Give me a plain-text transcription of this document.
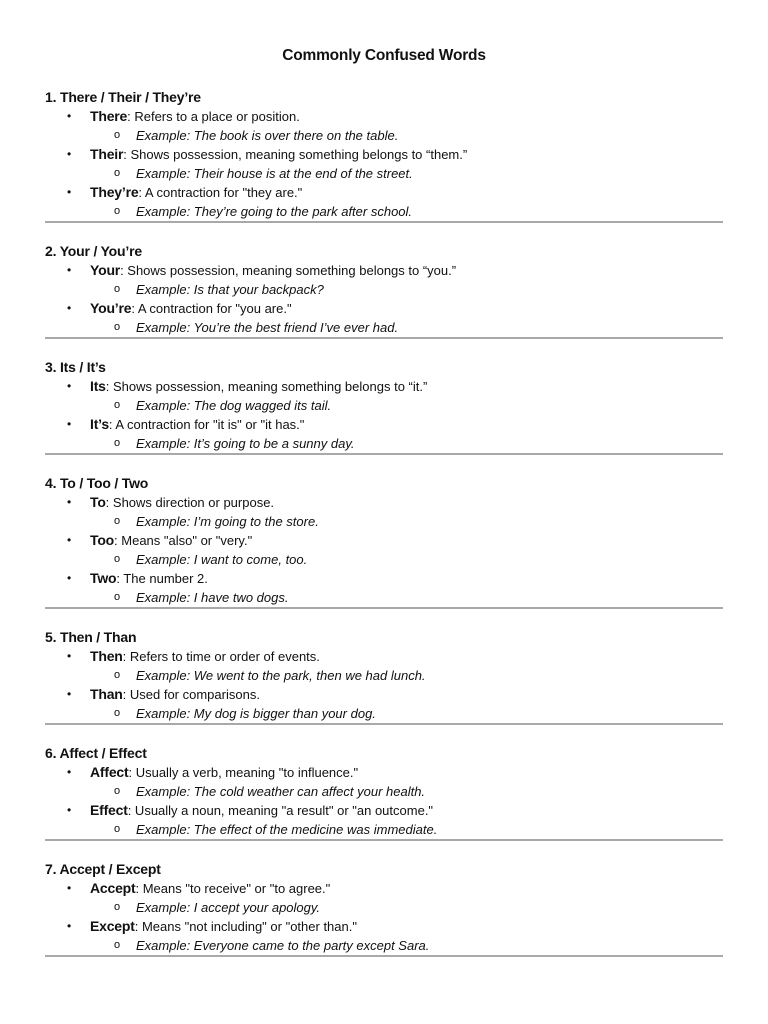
Commonly Confused Words
1. There / Their / They’re
• There: Refers to a place or position.
o Example: The book is over there on the table.
• Their: Shows possession, meaning something belongs to “them.”
o Example: Their house is at the end of the street.
• They’re: A contraction for "they are."
o Example: They’re going to the park after school.
2. Your / You’re
• Your: Shows possession, meaning something belongs to “you.”
o Example: Is that your backpack?
• You’re: A contraction for "you are."
o Example: You’re the best friend I’ve ever had.
3. Its / It’s
• Its: Shows possession, meaning something belongs to “it.”
o Example: The dog wagged its tail.
• It’s: A contraction for "it is" or "it has."
o Example: It’s going to be a sunny day.
4. To / Too / Two
• To: Shows direction or purpose.
o Example: I’m going to the store.
• Too: Means "also" or "very."
o Example: I want to come, too.
• Two: The number 2.
o Example: I have two dogs.
5. Then / Than
• Then: Refers to time or order of events.
o Example: We went to the park, then we had lunch.
• Than: Used for comparisons.
o Example: My dog is bigger than your dog.
6. Affect / Effect
• Affect: Usually a verb, meaning "to influence."
o Example: The cold weather can affect your health.
• Effect: Usually a noun, meaning "a result" or "an outcome."
o Example: The effect of the medicine was immediate.
7. Accept / Except
• Accept: Means "to receive" or "to agree."
o Example: I accept your apology.
• Except: Means "not including" or "other than."
o Example: Everyone came to the party except Sara.
